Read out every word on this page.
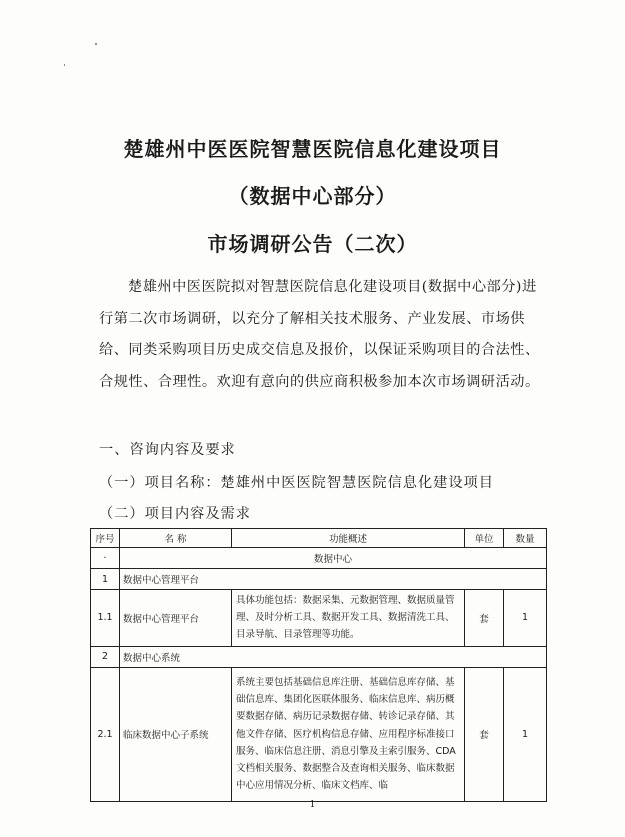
楚雄州中医医院智慧医院信息化建设项目
（数据中心部分）
市场调研公告（二次）
楚雄州中医医院拟对智慧医院信息化建设项目(数据中心部分)进行第二次市场调研，以充分了解相关技术服务、产业发展、市场供给、同类采购项目历史成交信息及报价，以保证采购项目的合法性、合规性、合理性。欢迎有意向的供应商积极参加本次市场调研活动。
一、咨询内容及要求
（一）项目名称：楚雄州中医医院智慧医院信息化建设项目
（二）项目内容及需求
序号	名 称	功能概述	单位	数量
·	数据中心			
1	数据中心管理平台			
1.1	数据中心管理平台	具体功能包括：数据采集、元数据管理、数据质量管理、及时分析工具、数据开发工具、数据清洗工具、目录导航、目录管理等功能。	套	1
2	数据中心系统			
2.1	临床数据中心子系统	系统主要包括基础信息库注册、基础信息库存储、基础信息库、集团化医联体服务、临床信息库、病历概要数据存储、病历记录数据存储、转诊记录存储、其他文件存储、医疗机构信息存储、应用程序标准接口服务、临床信息注册、消息引擎及主索引服务、CDA文档相关服务、数据整合及查询相关服务、临床数据中心应用情况分析、临床文档库、临	套	1
1
